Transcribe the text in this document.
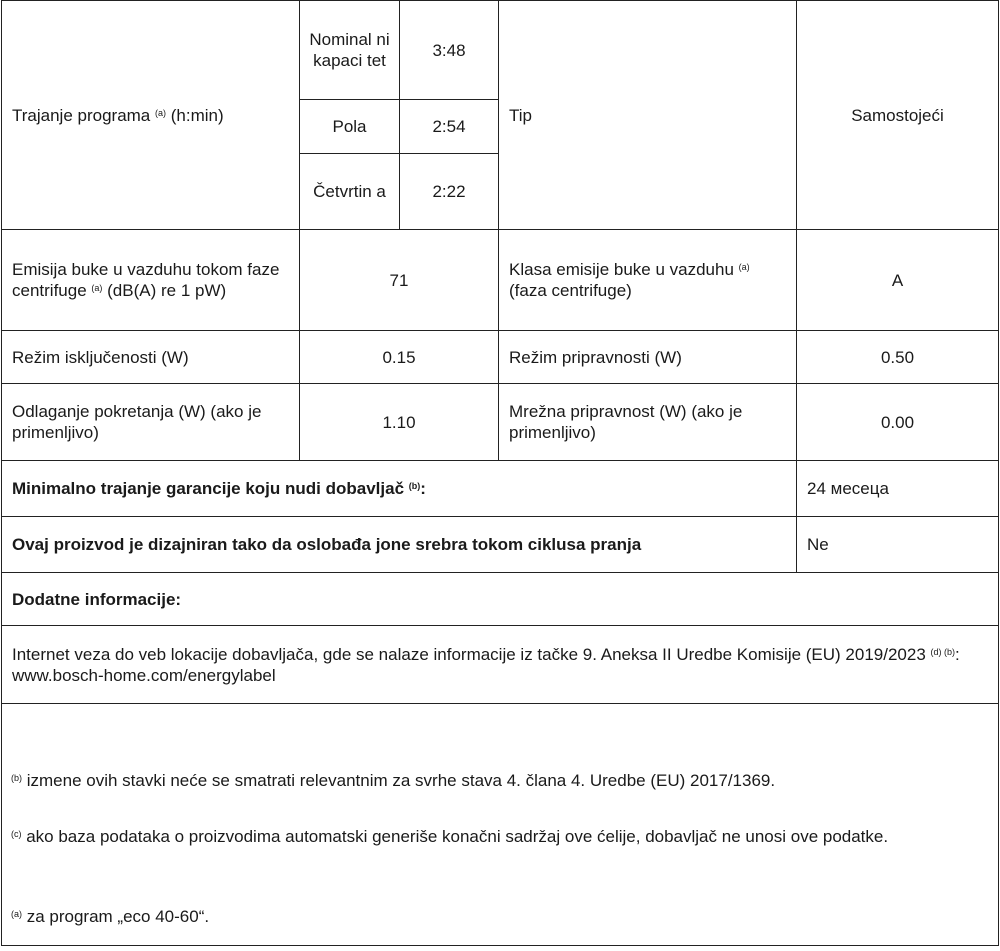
Trajanje programa $^{(a)}$ (h:min)	Nominal ni kapaci tet	3:48	Tip	Samostojeći
	Pola	2:54		
	Četvrtin a	2:22		
Emisija buke u vazduhu tokom faze centrifuge $^{(a)}$ (dB(A) re 1 pW)	71		Klasa emisije buke u vazduhu $^{(a)}$ (faza centrifuge)	A
Režim isključenosti (W)	0.15		Režim pripravnosti (W)	0.50
Odlaganje pokretanja (W) (ako je primenljivo)	1.10		Mrežna pripravnost (W) (ako je primenljivo)	0.00
Minimalno trajanje garancije koju nudi dobavljač $^{(b)}$:				24 месеца
Ovaj proizvod je dizajniran tako da oslobađa jone srebra tokom ciklusa pranja				Ne
Dodatne informacije:				
Internet veza do veb lokacije dobavljača, gde se nalaze informacije iz tačke 9. Aneksa II Uredbe Komisije (EU) 2019/2023 $^{(d) (b)}$: www.bosch-home.com/energylabel				

$^{(b)}$ izmene ovih stavki neće se smatrati relevantnim za svrhe stava 4. člana 4. Uredbe (EU) 2017/1369.
$^{(c)}$ ako baza podataka o proizvodima automatski generiše konačni sadržaj ove ćelije, dobavljač ne unosi ove podatke.
$^{(a)}$ za program „eco 40-60“.
